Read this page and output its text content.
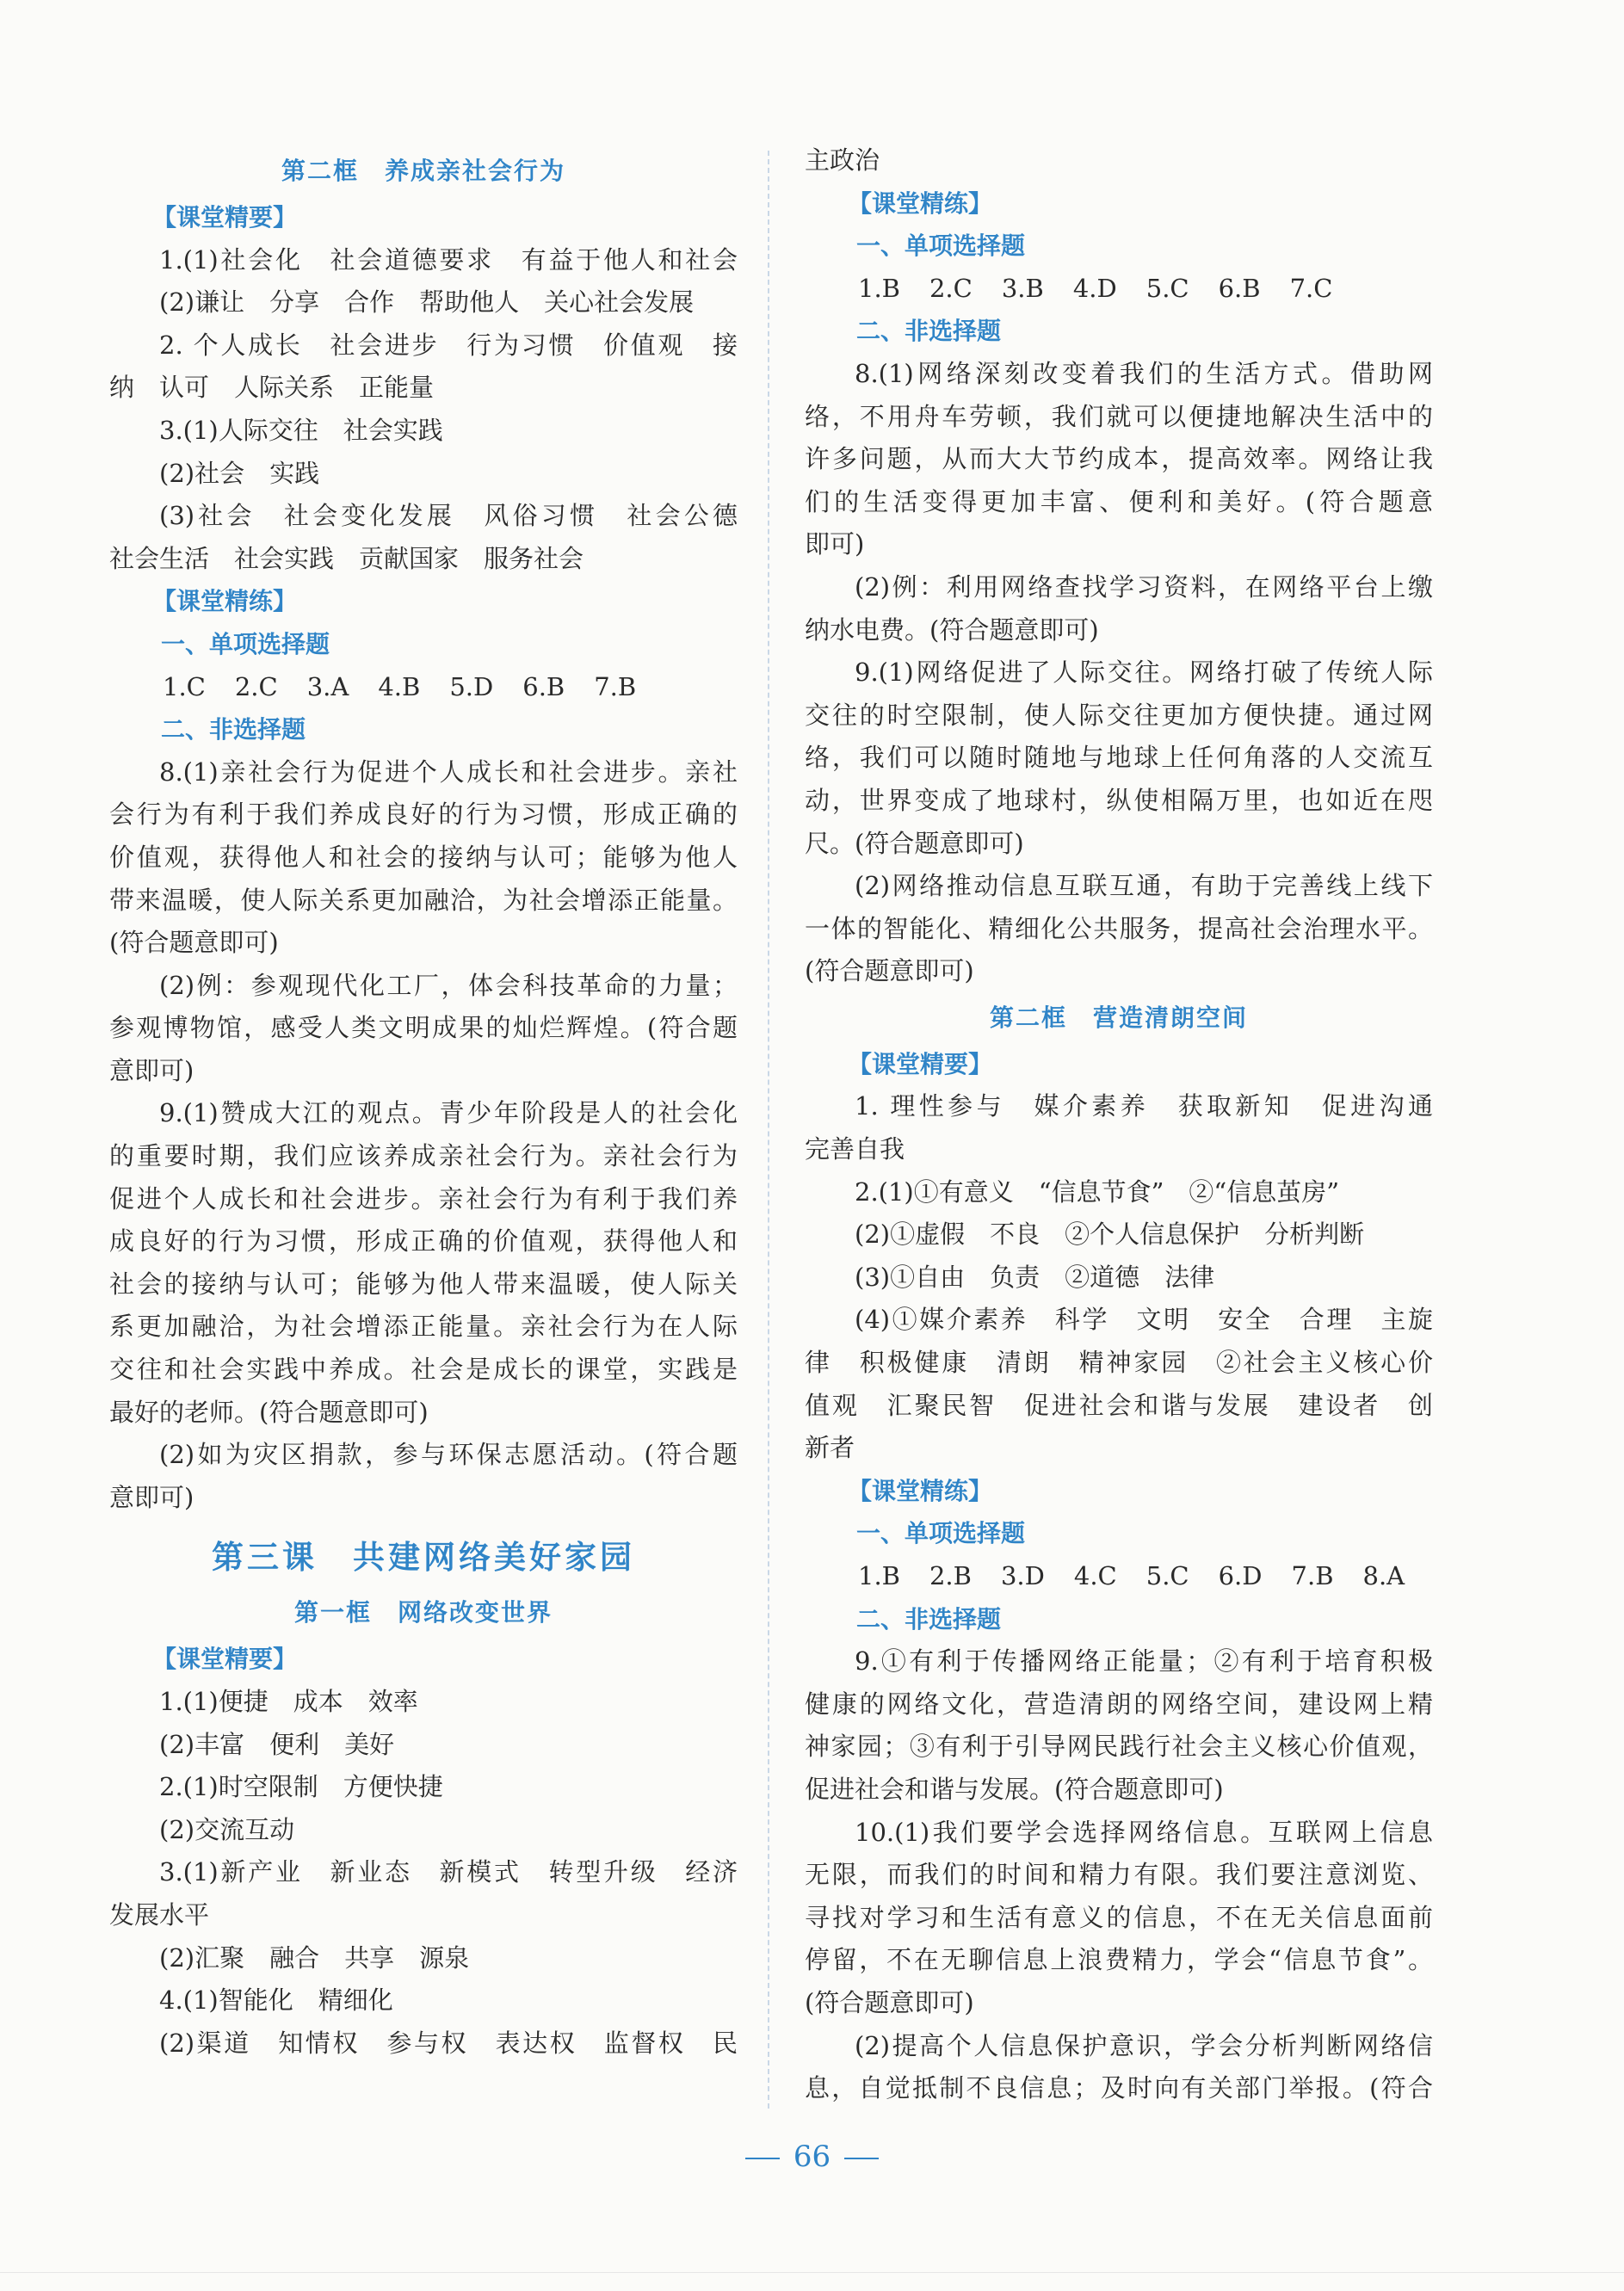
第二框　养成亲社会行为
【课堂精要】
1.(1)社会化　社会道德要求　有益于他人和社会
(2)谦让　分享　合作　帮助他人　关心社会发展
2. 个人成长　社会进步　行为习惯　价值观　接
纳　认可　人际关系　正能量
3.(1)人际交往　社会实践
(2)社会　实践
(3)社会　社会变化发展　风俗习惯　社会公德
社会生活　社会实践　贡献国家　服务社会
【课堂精练】
一、单项选择题
1.C 2.C 3.A 4.B 5.D 6.B 7.B
二、非选择题
8.(1)亲社会行为促进个人成长和社会进步。亲社
会行为有利于我们养成良好的行为习惯，形成正确的
价值观，获得他人和社会的接纳与认可；能够为他人
带来温暖，使人际关系更加融洽，为社会增添正能量。
(符合题意即可)
(2)例：参观现代化工厂，体会科技革命的力量；
参观博物馆，感受人类文明成果的灿烂辉煌。(符合题
意即可)
9.(1)赞成大江的观点。青少年阶段是人的社会化
的重要时期，我们应该养成亲社会行为。亲社会行为
促进个人成长和社会进步。亲社会行为有利于我们养
成良好的行为习惯，形成正确的价值观，获得他人和
社会的接纳与认可；能够为他人带来温暖，使人际关
系更加融洽，为社会增添正能量。亲社会行为在人际
交往和社会实践中养成。社会是成长的课堂，实践是
最好的老师。(符合题意即可)
(2)如为灾区捐款，参与环保志愿活动。(符合题
意即可)
第三课　共建网络美好家园
第一框　网络改变世界
【课堂精要】
1.(1)便捷　成本　效率
(2)丰富　便利　美好
2.(1)时空限制　方便快捷
(2)交流互动
3.(1)新产业　新业态　新模式　转型升级　经济
发展水平
(2)汇聚　融合　共享　源泉
4.(1)智能化　精细化
(2)渠道　知情权　参与权　表达权　监督权　民
主政治
【课堂精练】
一、单项选择题
1.B 2.C 3.B 4.D 5.C 6.B 7.C
二、非选择题
8.(1)网络深刻改变着我们的生活方式。借助网
络，不用舟车劳顿，我们就可以便捷地解决生活中的
许多问题，从而大大节约成本，提高效率。网络让我
们的生活变得更加丰富、便利和美好。(符合题意
即可)
(2)例：利用网络查找学习资料，在网络平台上缴
纳水电费。(符合题意即可)
9.(1)网络促进了人际交往。网络打破了传统人际
交往的时空限制，使人际交往更加方便快捷。通过网
络，我们可以随时随地与地球上任何角落的人交流互
动，世界变成了地球村，纵使相隔万里，也如近在咫
尺。(符合题意即可)
(2)网络推动信息互联互通，有助于完善线上线下
一体的智能化、精细化公共服务，提高社会治理水平。
(符合题意即可)
第二框　营造清朗空间
【课堂精要】
1. 理性参与　媒介素养　获取新知　促进沟通
完善自我
2.(1)①有意义　“信息节食”　②“信息茧房”
(2)①虚假　不良　②个人信息保护　分析判断
(3)①自由　负责　②道德　法律
(4)①媒介素养　科学　文明　安全　合理　主旋
律　积极健康　清朗　精神家园　②社会主义核心价
值观　汇聚民智　促进社会和谐与发展　建设者　创
新者
【课堂精练】
一、单项选择题
1.B 2.B 3.D 4.C 5.C 6.D 7.B 8.A
二、非选择题
9.①有利于传播网络正能量；②有利于培育积极
健康的网络文化，营造清朗的网络空间，建设网上精
神家园；③有利于引导网民践行社会主义核心价值观，
促进社会和谐与发展。(符合题意即可)
10.(1)我们要学会选择网络信息。互联网上信息
无限，而我们的时间和精力有限。我们要注意浏览、
寻找对学习和生活有意义的信息，不在无关信息面前
停留，不在无聊信息上浪费精力，学会“信息节食”。
(符合题意即可)
(2)提高个人信息保护意识，学会分析判断网络信
息，自觉抵制不良信息；及时向有关部门举报。(符合
66
